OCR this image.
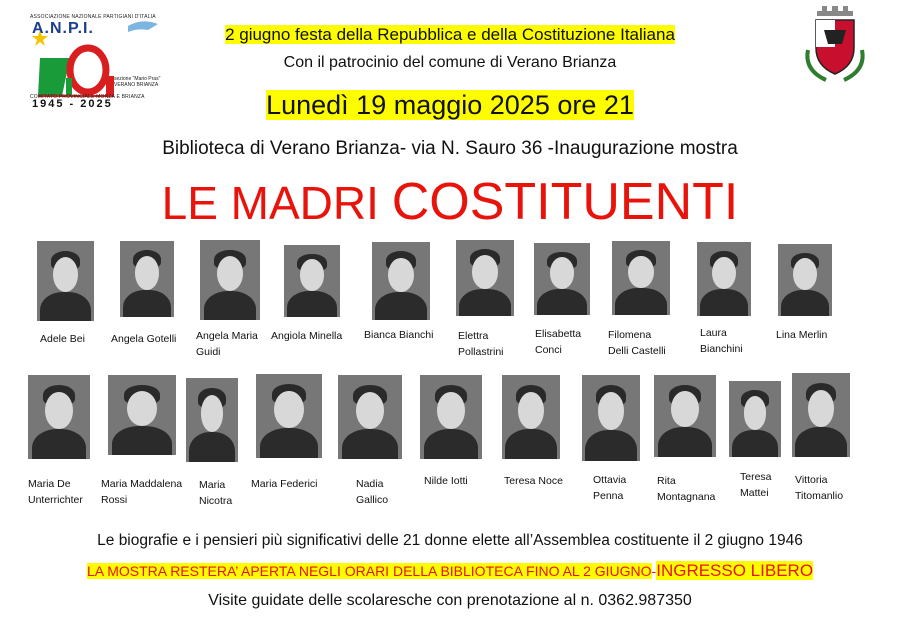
ASSOCIAZIONE NAZIONALE PARTIGIANI D'ITALIA
A.N.P.I.
sezione "Mario Pras"
VERANO BRIANZA
COMITATO PROVINCIALE MONZA E BRIANZA
1945 - 2025
2 giugno festa della Repubblica e della Costituzione Italiana
Con il patrocinio del comune di Verano Brianza
Lunedì 19 maggio 2025 ore 21
Biblioteca di Verano Brianza- via N. Sauro 36 -Inaugurazione mostra
LE MADRI COSTITUENTI
Adele Bei Angela Gotelli Angela Maria
Guidi
Angiola Minella Bianca Bianchi Elettra
Pollastrini
Elisabetta
Conci
Filomena
Delli Castelli
Laura
Bianchini
Lina Merlin
Maria De
Unterrichter
Maria Maddalena
Rossi
Maria
Nicotra
Maria Federici	Nadia
Gallico
Nilde Iotti	Teresa Noce	Ottavia
Penna
Rita
Montagnana
Teresa
Mattei
Vittoria
Titomanlio
Le biografie e i pensieri più significativi delle 21 donne elette all’Assemblea costituente il 2 giugno 1946
LA MOSTRA RESTERA’ APERTA NEGLI ORARI DELLA BIBLIOTECA FINO AL 2 GIUGNO-INGRESSO LIBERO
Visite guidate delle scolaresche con prenotazione al n. 0362.987350
